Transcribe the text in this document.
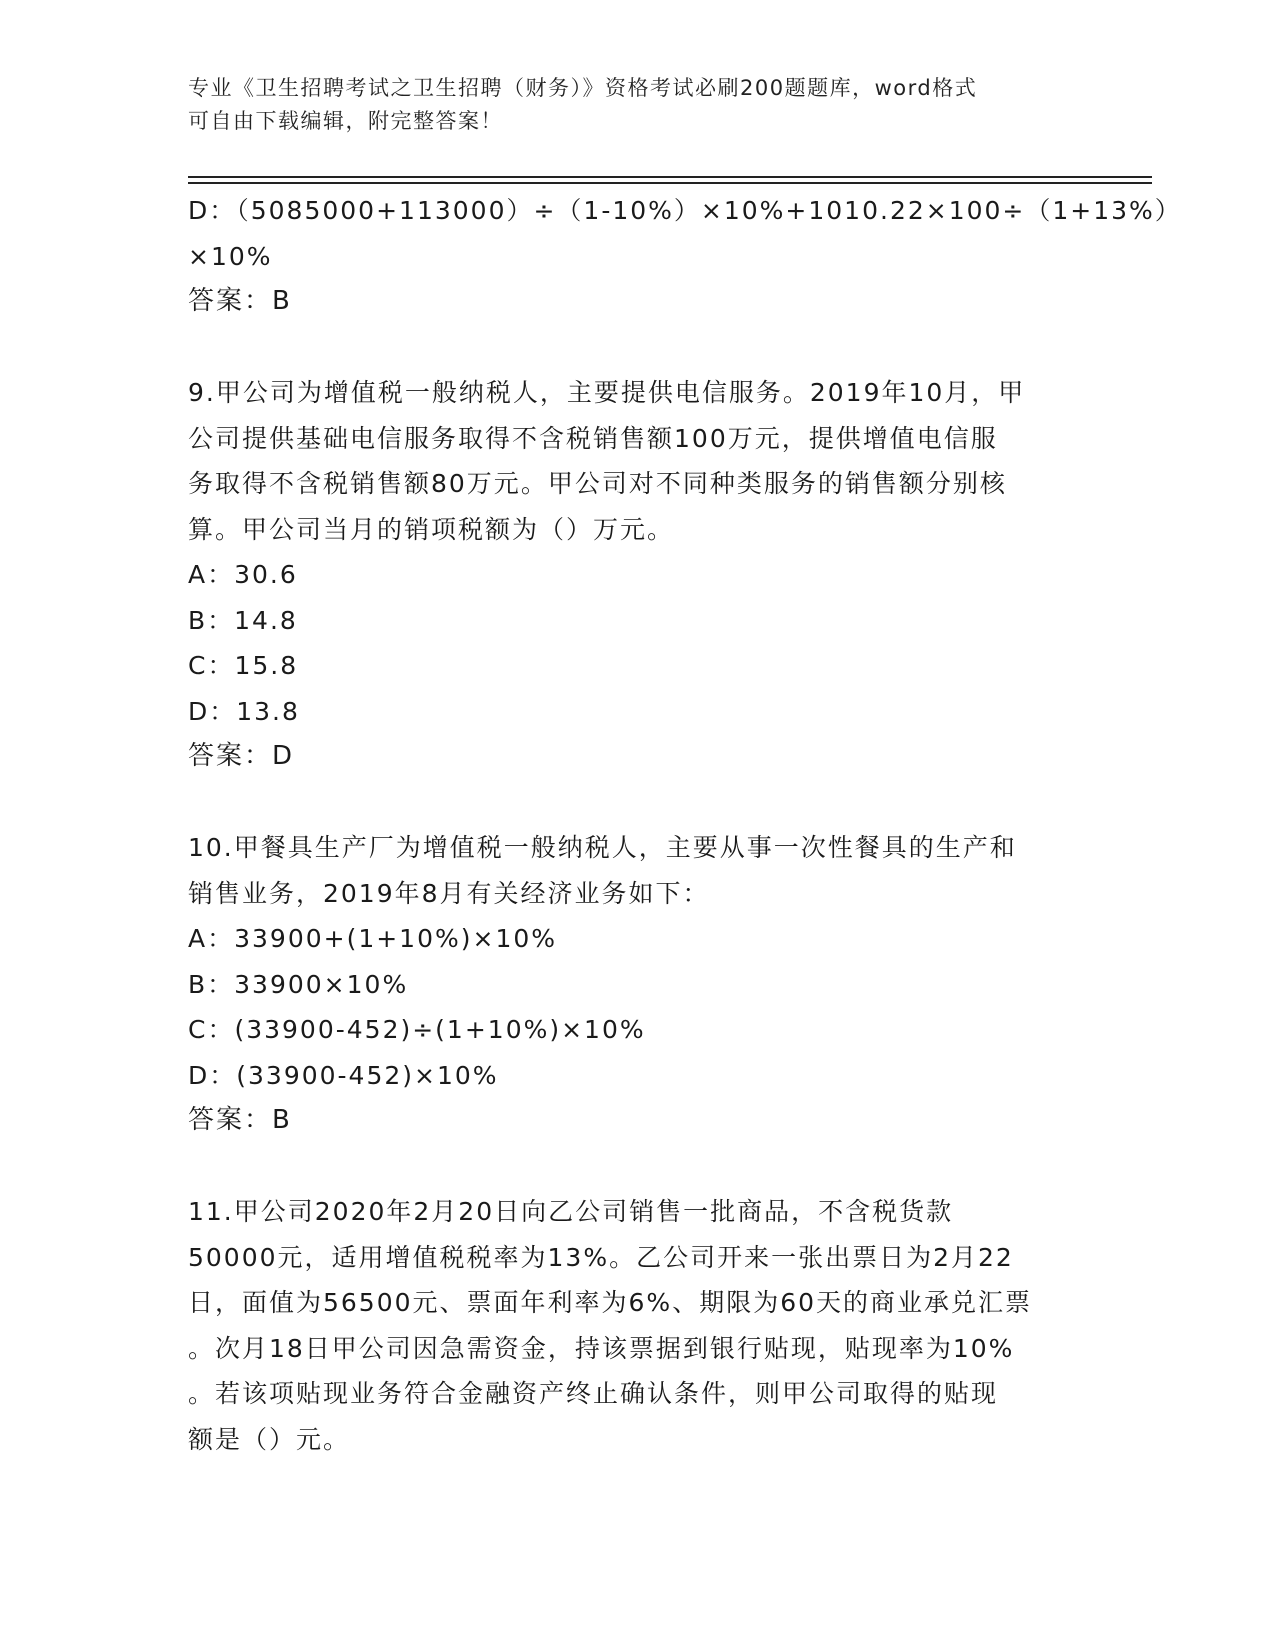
专业《卫生招聘考试之卫生招聘（财务）》资格考试必刷200题题库，word格式
可自由下载编辑，附完整答案！
D：（5085000+113000）÷（1-10%）×10%+1010.22×100÷（1+13%）
×10%
答案：B
9.甲公司为增值税一般纳税人，主要提供电信服务。2019年10月，甲
公司提供基础电信服务取得不含税销售额100万元，提供增值电信服
务取得不含税销售额80万元。甲公司对不同种类服务的销售额分别核
算。甲公司当月的销项税额为（）万元。
A：30.6
B：14.8
C：15.8
D：13.8
答案：D
10.甲餐具生产厂为增值税一般纳税人，主要从事一次性餐具的生产和
销售业务，2019年8月有关经济业务如下：
A：33900+(1+10%)×10%
B：33900×10%
C：(33900-452)÷(1+10%)×10%
D：(33900-452)×10%
答案：B
11.甲公司2020年2月20日向乙公司销售一批商品，不含税货款
50000元，适用增值税税率为13%。乙公司开来一张出票日为2月22
日，面值为56500元、票面年利率为6%、期限为60天的商业承兑汇票
。次月18日甲公司因急需资金，持该票据到银行贴现，贴现率为10%
。若该项贴现业务符合金融资产终止确认条件，则甲公司取得的贴现
额是（）元。
